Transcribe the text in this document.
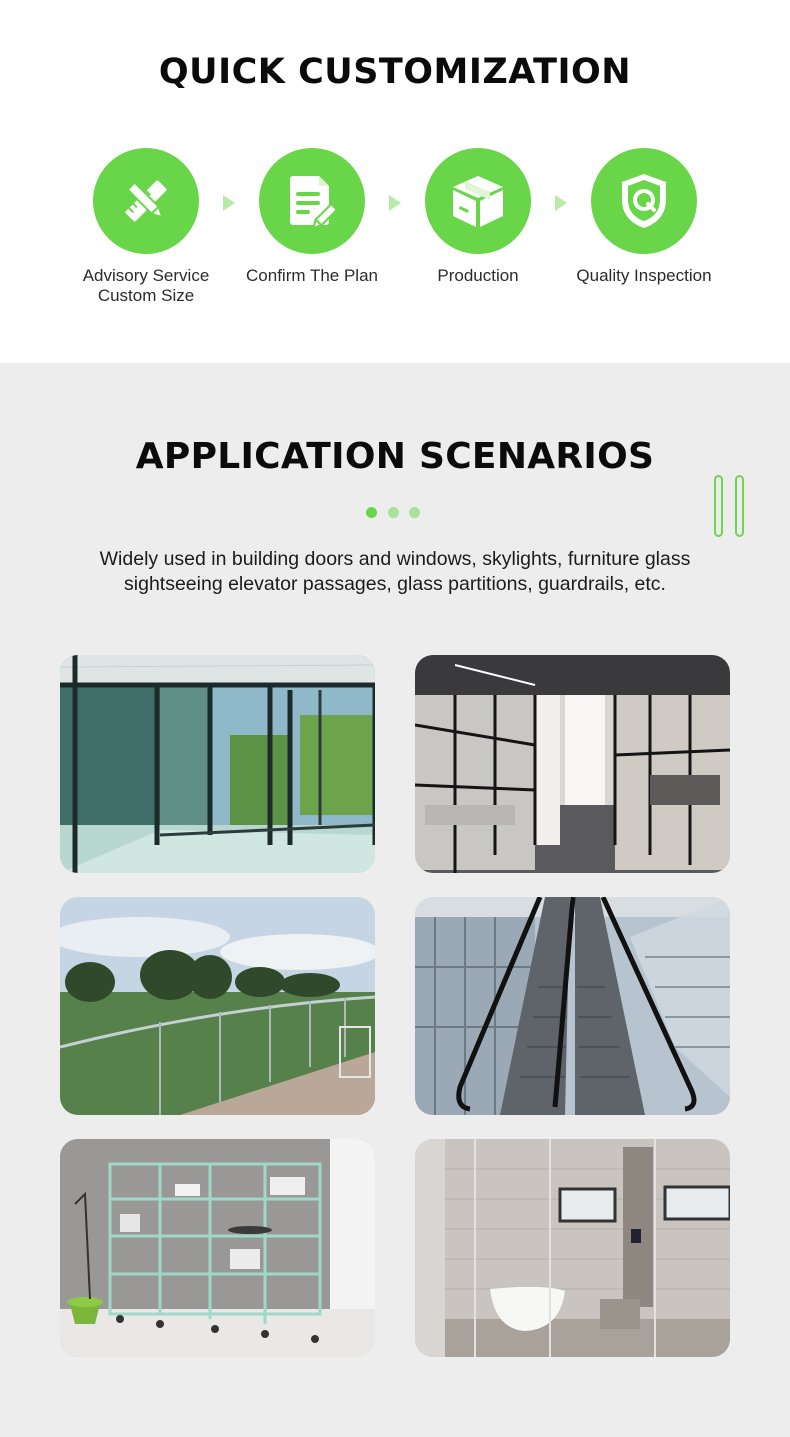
QUICK CUSTOMIZATION
Advisory Service
Custom Size
Confirm The Plan	Production	Quality Inspection
APPLICATION SCENARIOS

Widely used in building doors and windows, skylights, furniture glass
sightseeing elevator passages, glass partitions, guardrails, etc.
